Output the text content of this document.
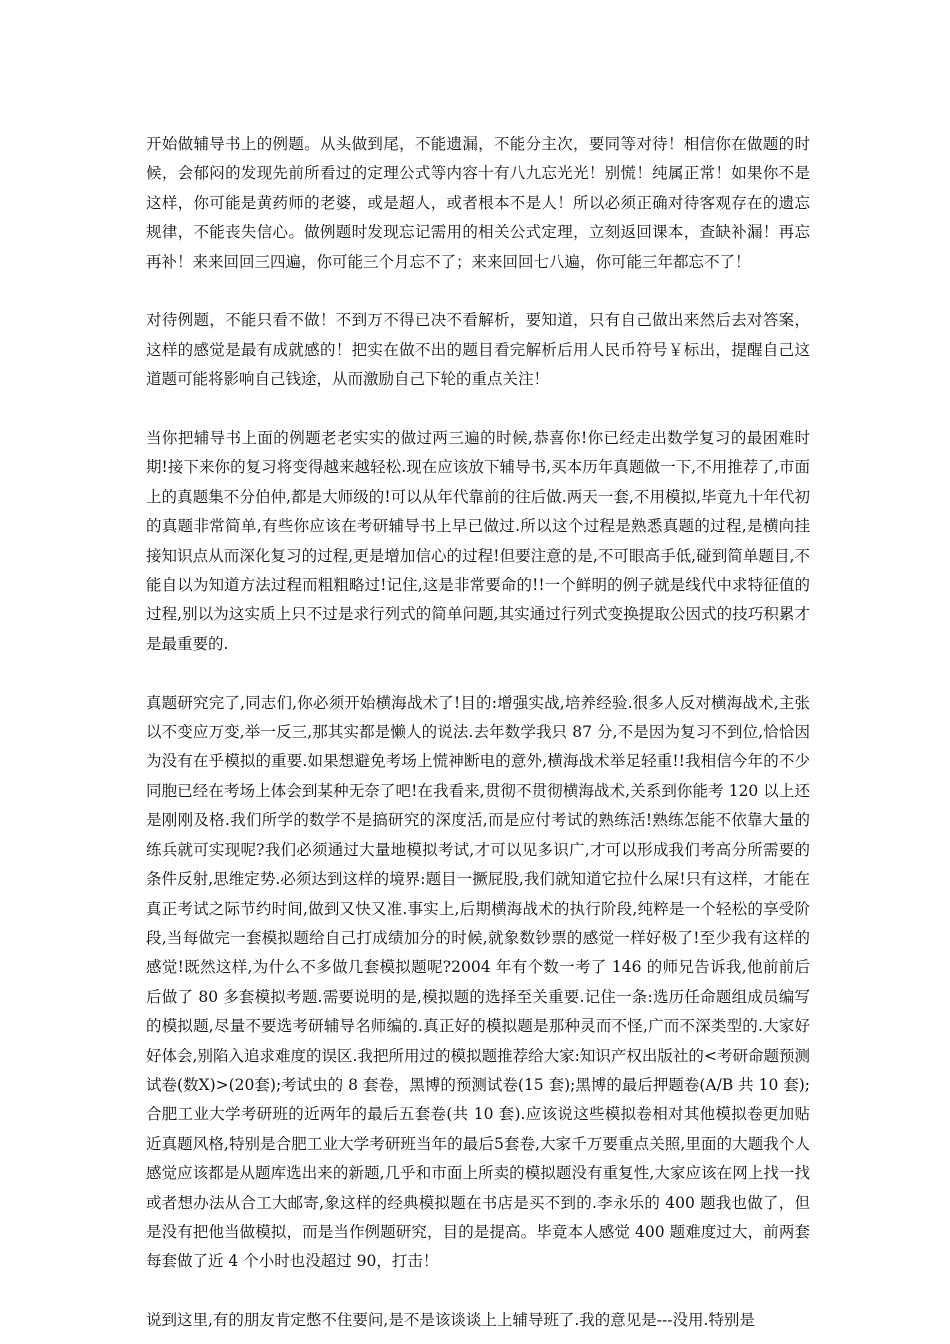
开始做辅导书上的例题。从头做到尾，不能遗漏，不能分主次，要同等对待！相信你在做题的时候，会郁闷的发现先前所看过的定理公式等内容十有八九忘光光！别慌！纯属正常！如果你不是这样，你可能是黄药师的老婆，或是超人，或者根本不是人！所以必须正确对待客观存在的遗忘规律，不能丧失信心。做例题时发现忘记需用的相关公式定理，立刻返回课本，查缺补漏！再忘再补！来来回回三四遍，你可能三个月忘不了；来来回回七八遍，你可能三年都忘不了！

对待例题，不能只看不做！不到万不得已决不看解析，要知道，只有自己做出来然后去对答案，这样的感觉是最有成就感的！把实在做不出的题目看完解析后用人民币符号￥标出，提醒自己这道题可能将影响自己钱途，从而激励自己下轮的重点关注！

当你把辅导书上面的例题老老实实的做过两三遍的时候,恭喜你!你已经走出数学复习的最困难时期!接下来你的复习将变得越来越轻松.现在应该放下辅导书,买本历年真题做一下,不用推荐了,市面上的真题集不分伯仲,都是大师级的!可以从年代靠前的往后做.两天一套,不用模拟,毕竟九十年代初的真题非常简单,有些你应该在考研辅导书上早已做过.所以这个过程是熟悉真题的过程,是横向挂接知识点从而深化复习的过程,更是增加信心的过程!但要注意的是,不可眼高手低,碰到简单题目,不能自以为知道方法过程而粗粗略过!记住,这是非常要命的!!一个鲜明的例子就是线代中求特征值的过程,别以为这实质上只不过是求行列式的简单问题,其实通过行列式变换提取公因式的技巧积累才是最重要的.

真题研究完了,同志们,你必须开始横海战术了!目的:增强实战,培养经验.很多人反对横海战术,主张以不变应万变,举一反三,那其实都是懒人的说法.去年数学我只 87 分,不是因为复习不到位,恰恰因为没有在乎模拟的重要.如果想避免考场上慌神断电的意外,横海战术举足轻重!!我相信今年的不少同胞已经在考场上体会到某种无奈了吧!在我看来,贯彻不贯彻横海战术,关系到你能考 120 以上还是刚刚及格.我们所学的数学不是搞研究的深度活,而是应付考试的熟练活!熟练怎能不依靠大量的练兵就可实现呢?我们必须通过大量地模拟考试,才可以见多识广,才可以形成我们考高分所需要的条件反射,思维定势.必须达到这样的境界:题目一撅屁股,我们就知道它拉什么屎!只有这样，才能在真正考试之际节约时间,做到又快又准.事实上,后期横海战术的执行阶段,纯粹是一个轻松的享受阶段,当每做完一套模拟题给自己打成绩加分的时候,就象数钞票的感觉一样好极了!至少我有这样的感觉!既然这样,为什么不多做几套模拟题呢?2004 年有个数一考了 146 的师兄告诉我,他前前后后做了 80 多套模拟考题.需要说明的是,模拟题的选择至关重要.记住一条:选历任命题组成员编写的模拟题,尽量不要选考研辅导名师编的.真正好的模拟题是那种灵而不怪,广而不深类型的.大家好好体会,别陷入追求难度的误区.我把所用过的模拟题推荐给大家:知识产权出版社的<考研命题预测试卷(数X)>(20套);考试虫的 8 套卷，黑博的预测试卷(15 套);黑博的最后押题卷(A/B 共 10 套);合肥工业大学考研班的近两年的最后五套卷(共 10 套).应该说这些模拟卷相对其他模拟卷更加贴近真题风格,特别是合肥工业大学考研班当年的最后5套卷,大家千万要重点关照,里面的大题我个人感觉应该都是从题库选出来的新题,几乎和市面上所卖的模拟题没有重复性,大家应该在网上找一找或者想办法从合工大邮寄,象这样的经典模拟题在书店是买不到的.李永乐的 400 题我也做了，但是没有把他当做模拟，而是当作例题研究，目的是提高。毕竟本人感觉 400 题难度过大，前两套每套做了近 4 个小时也没超过 90，打击！

说到这里,有的朋友肯定憋不住要问,是不是该谈谈上上辅导班了.我的意见是---没用.特别是
